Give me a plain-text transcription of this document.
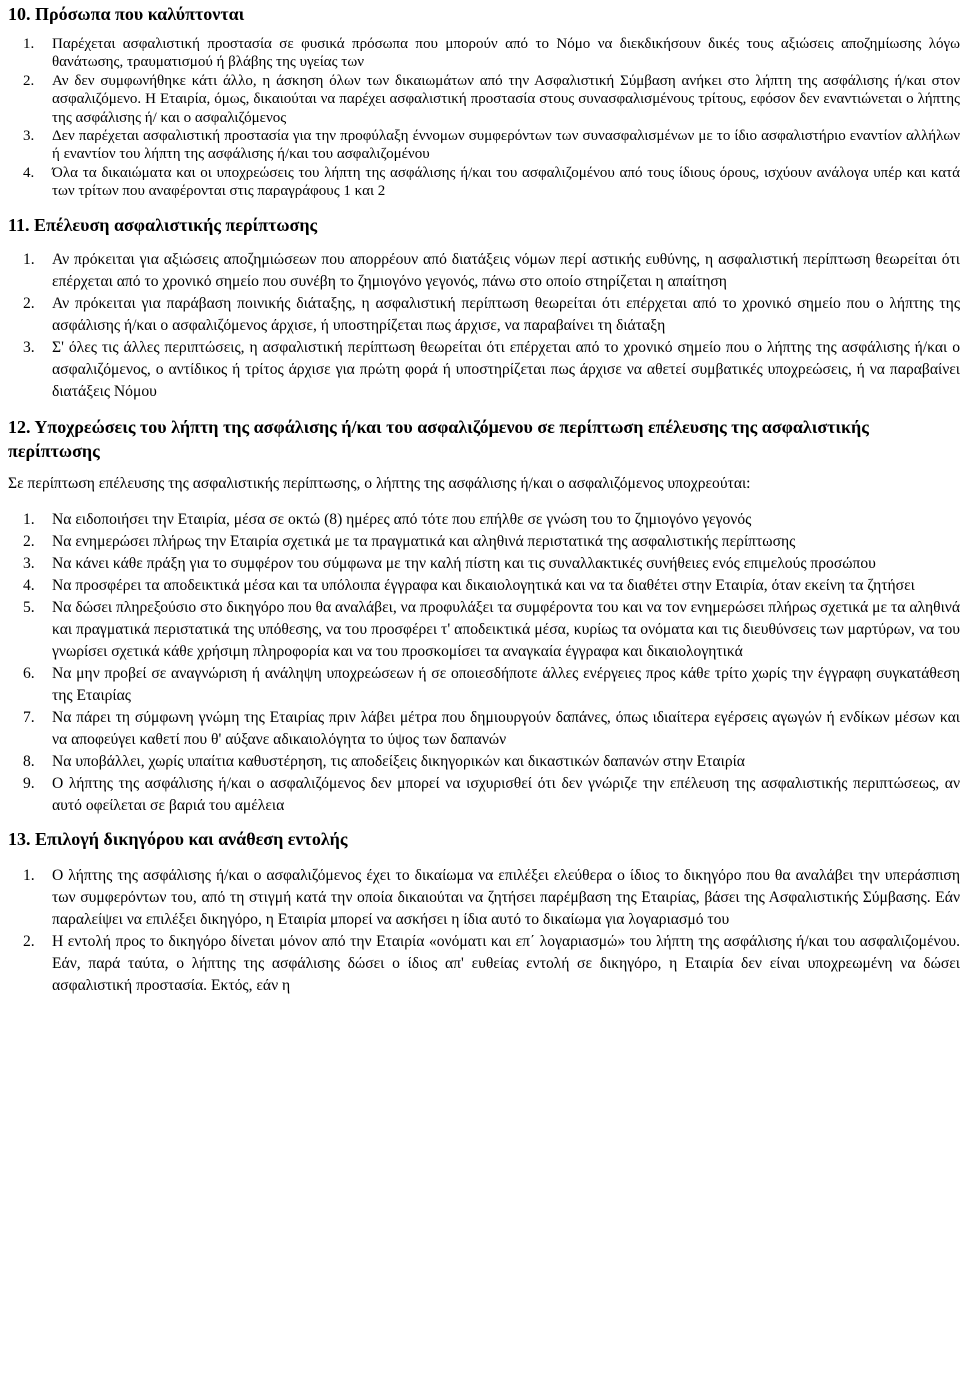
10. Πρόσωπα που καλύπτονται
1. Παρέχεται ασφαλιστική προστασία σε φυσικά πρόσωπα που μπορούν από το Νόμο να διεκδικήσουν δικές τους αξιώσεις αποζημίωσης λόγω θανάτωσης, τραυματισμού ή βλάβης της υγείας των
2. Αν δεν συμφωνήθηκε κάτι άλλο, η άσκηση όλων των δικαιωμάτων από την Ασφαλιστική Σύμβαση ανήκει στο λήπτη της ασφάλισης ή/και στον ασφαλιζόμενο. Η Εταιρία, όμως, δικαιούται να παρέχει ασφαλιστική προστασία στους συνασφαλισμένους τρίτους, εφόσον δεν εναντιώνεται ο λήπτης της ασφάλισης ή/ και ο ασφαλιζόμενος
3. Δεν παρέχεται ασφαλιστική προστασία για την προφύλαξη έννομων συμφερόντων των συνασφαλισμένων με το ίδιο ασφαλιστήριο εναντίον αλλήλων ή εναντίον του λήπτη της ασφάλισης ή/και του ασφαλιζομένου
4. Όλα τα δικαιώματα και οι υποχρεώσεις του λήπτη της ασφάλισης ή/και του ασφαλιζομένου από τους ίδιους όρους, ισχύουν ανάλογα υπέρ και κατά των τρίτων που αναφέρονται στις παραγράφους 1 και 2
11. Επέλευση ασφαλιστικής περίπτωσης
1. Αν πρόκειται για αξιώσεις αποζημιώσεων που απορρέουν από διατάξεις νόμων περί αστικής ευθύνης, η ασφαλιστική περίπτωση θεωρείται ότι επέρχεται από το χρονικό σημείο που συνέβη το ζημιογόνο γεγονός, πάνω στο οποίο στηρίζεται η απαίτηση
2. Αν πρόκειται για παράβαση ποινικής διάταξης, η ασφαλιστική περίπτωση θεωρείται ότι επέρχεται από το χρονικό σημείο που ο λήπτης της ασφάλισης ή/και ο ασφαλιζόμενος άρχισε, ή υποστηρίζεται πως άρχισε, να παραβαίνει τη διάταξη
3. Σ' όλες τις άλλες περιπτώσεις, η ασφαλιστική περίπτωση θεωρείται ότι επέρχεται από το χρονικό σημείο που ο λήπτης της ασφάλισης ή/και ο ασφαλιζόμενος, ο αντίδικος ή τρίτος άρχισε για πρώτη φορά ή υποστηρίζεται πως άρχισε να αθετεί συμβατικές υποχρεώσεις, ή να παραβαίνει διατάξεις Νόμου
12. Υποχρεώσεις του λήπτη της ασφάλισης ή/και του ασφαλιζόμενου σε περίπτωση επέλευσης της ασφαλιστικής περίπτωσης

Σε περίπτωση επέλευσης της ασφαλιστικής περίπτωσης, ο λήπτης της ασφάλισης ή/και ο ασφαλιζόμενος υποχρεούται:

1. Να ειδοποιήσει την Εταιρία, μέσα σε οκτώ (8) ημέρες από τότε που επήλθε σε γνώση του το ζημιογόνο γεγονός
2. Να ενημερώσει πλήρως την Εταιρία σχετικά με τα πραγματικά και αληθινά περιστατικά της ασφαλιστικής περίπτωσης
3. Να κάνει κάθε πράξη για το συμφέρον του σύμφωνα με την καλή πίστη και τις συναλλακτικές συνήθειες ενός επιμελούς προσώπου
4. Να προσφέρει τα αποδεικτικά μέσα και τα υπόλοιπα έγγραφα και δικαιολογητικά και να τα διαθέτει στην Εταιρία, όταν εκείνη τα ζητήσει
5. Να δώσει πληρεξούσιο στο δικηγόρο που θα αναλάβει, να προφυλάξει τα συμφέροντα του και να τον ενημερώσει πλήρως σχετικά με τα αληθινά και πραγματικά περιστατικά της υπόθεσης, να του προσφέρει τ' αποδεικτικά μέσα, κυρίως τα ονόματα και τις διευθύνσεις των μαρτύρων, να του γνωρίσει σχετικά κάθε χρήσιμη πληροφορία και να του προσκομίσει τα αναγκαία έγγραφα και δικαιολογητικά
6. Να μην προβεί σε αναγνώριση ή ανάληψη υποχρεώσεων ή σε οποιεσδήποτε άλλες ενέργειες προς κάθε τρίτο χωρίς την έγγραφη συγκατάθεση της Εταιρίας
7. Να πάρει τη σύμφωνη γνώμη της Εταιρίας πριν λάβει μέτρα που δημιουργούν δαπάνες, όπως ιδιαίτερα εγέρσεις αγωγών ή ενδίκων μέσων και να αποφεύγει καθετί που θ' αύξανε αδικαιολόγητα το ύψος των δαπανών
8. Να υποβάλλει, χωρίς υπαίτια καθυστέρηση, τις αποδείξεις δικηγορικών και δικαστικών δαπανών στην Εταιρία
9. Ο λήπτης της ασφάλισης ή/και ο ασφαλιζόμενος δεν μπορεί να ισχυρισθεί ότι δεν γνώριζε την επέλευση της ασφαλιστικής περιπτώσεως, αν αυτό οφείλεται σε βαριά του αμέλεια
13. Επιλογή δικηγόρου και ανάθεση εντολής
1. Ο λήπτης της ασφάλισης ή/και ο ασφαλιζόμενος έχει το δικαίωμα να επιλέξει ελεύθερα ο ίδιος το δικηγόρο που θα αναλάβει την υπεράσπιση των συμφερόντων του, από τη στιγμή κατά την οποία δικαιούται να ζητήσει παρέμβαση της Εταιρίας, βάσει της Ασφαλιστικής Σύμβασης. Εάν παραλείψει να επιλέξει δικηγόρο, η Εταιρία μπορεί να ασκήσει η ίδια αυτό το δικαίωμα για λογαριασμό του
2. Η εντολή προς το δικηγόρο δίνεται μόνον από την Εταιρία «ονόματι και επ΄ λογαριασμώ» του λήπτη της ασφάλισης ή/και του ασφαλιζομένου. Εάν, παρά ταύτα, ο λήπτης της ασφάλισης δώσει ο ίδιος απ' ευθείας εντολή σε δικηγόρο, η Εταιρία δεν είναι υποχρεωμένη να δώσει ασφαλιστική προστασία. Εκτός, εάν η
